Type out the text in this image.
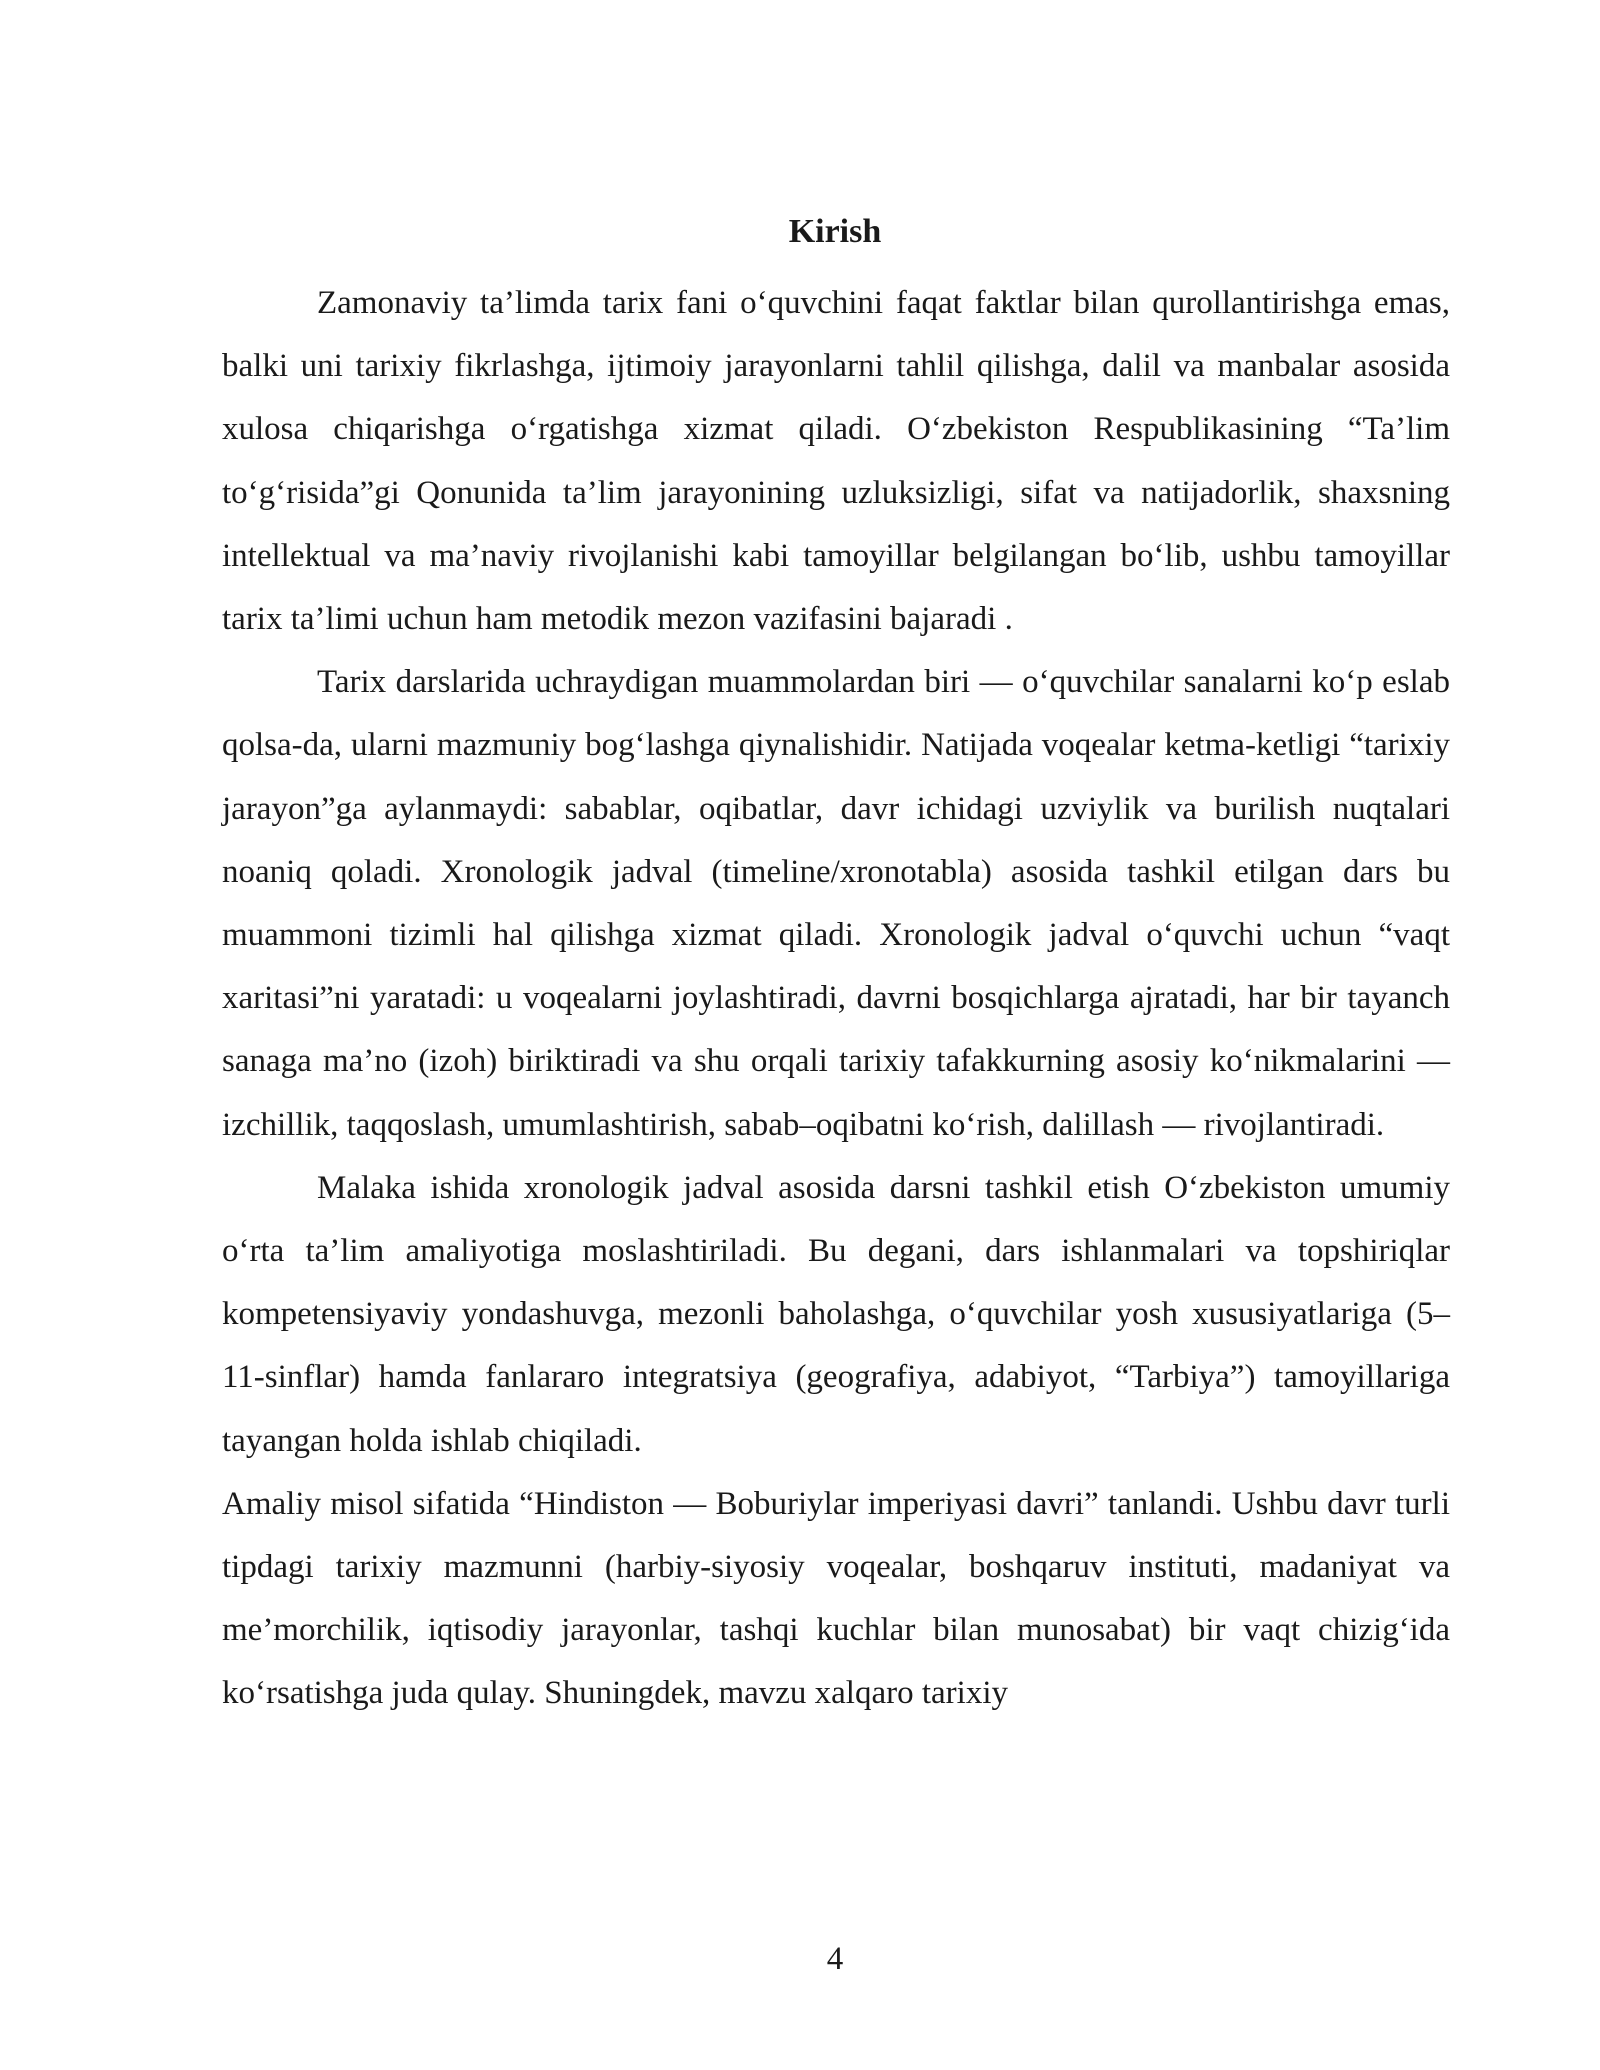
Kirish

Zamonaviy ta’limda tarix fani o‘quvchini faqat faktlar bilan qurollantirishga emas, balki uni tarixiy fikrlashga, ijtimoiy jarayonlarni tahlil qilishga, dalil va manbalar asosida xulosa chiqarishga o‘rgatishga xizmat qiladi. O‘zbekiston Respublikasining “Ta’lim to‘g‘risida”gi Qonunida ta’lim jarayonining uzluksizligi, sifat va natijadorlik, shaxsning intellektual va ma’naviy rivojlanishi kabi tamoyillar belgilangan bo‘lib, ushbu tamoyillar tarix ta’limi uchun ham metodik mezon vazifasini bajaradi .

Tarix darslarida uchraydigan muammolardan biri — o‘quvchilar sanalarni ko‘p eslab qolsa-da, ularni mazmuniy bog‘lashga qiynalishidir. Natijada voqealar ketma-ketligi “tarixiy jarayon”ga aylanmaydi: sabablar, oqibatlar, davr ichidagi uzviylik va burilish nuqtalari noaniq qoladi. Xronologik jadval (timeline/xronotabla) asosida tashkil etilgan dars bu muammoni tizimli hal qilishga xizmat qiladi. Xronologik jadval o‘quvchi uchun “vaqt xaritasi”ni yaratadi: u voqealarni joylashtiradi, davrni bosqichlarga ajratadi, har bir tayanch sanaga ma’no (izoh) biriktiradi va shu orqali tarixiy tafakkurning asosiy ko‘nikmalarini — izchillik, taqqoslash, umumlashtirish, sabab–oqibatni ko‘rish, dalillash — rivojlantiradi.

Malaka ishida xronologik jadval asosida darsni tashkil etish O‘zbekiston umumiy o‘rta ta’lim amaliyotiga moslashtiriladi. Bu degani, dars ishlanmalari va topshiriqlar kompetensiyaviy yondashuvga, mezonli baholashga, o‘quvchilar yosh xususiyatlariga (5–11-sinflar) hamda fanlararo integratsiya (geografiya, adabiyot, “Tarbiya”) tamoyillariga tayangan holda ishlab chiqiladi.

Amaliy misol sifatida “Hindiston — Boburiylar imperiyasi davri” tanlandi. Ushbu davr turli tipdagi tarixiy mazmunni (harbiy-siyosiy voqealar, boshqaruv instituti, madaniyat va me’morchilik, iqtisodiy jarayonlar, tashqi kuchlar bilan munosabat) bir vaqt chizig‘ida ko‘rsatishga juda qulay. Shuningdek, mavzu xalqaro tarixiy

4
